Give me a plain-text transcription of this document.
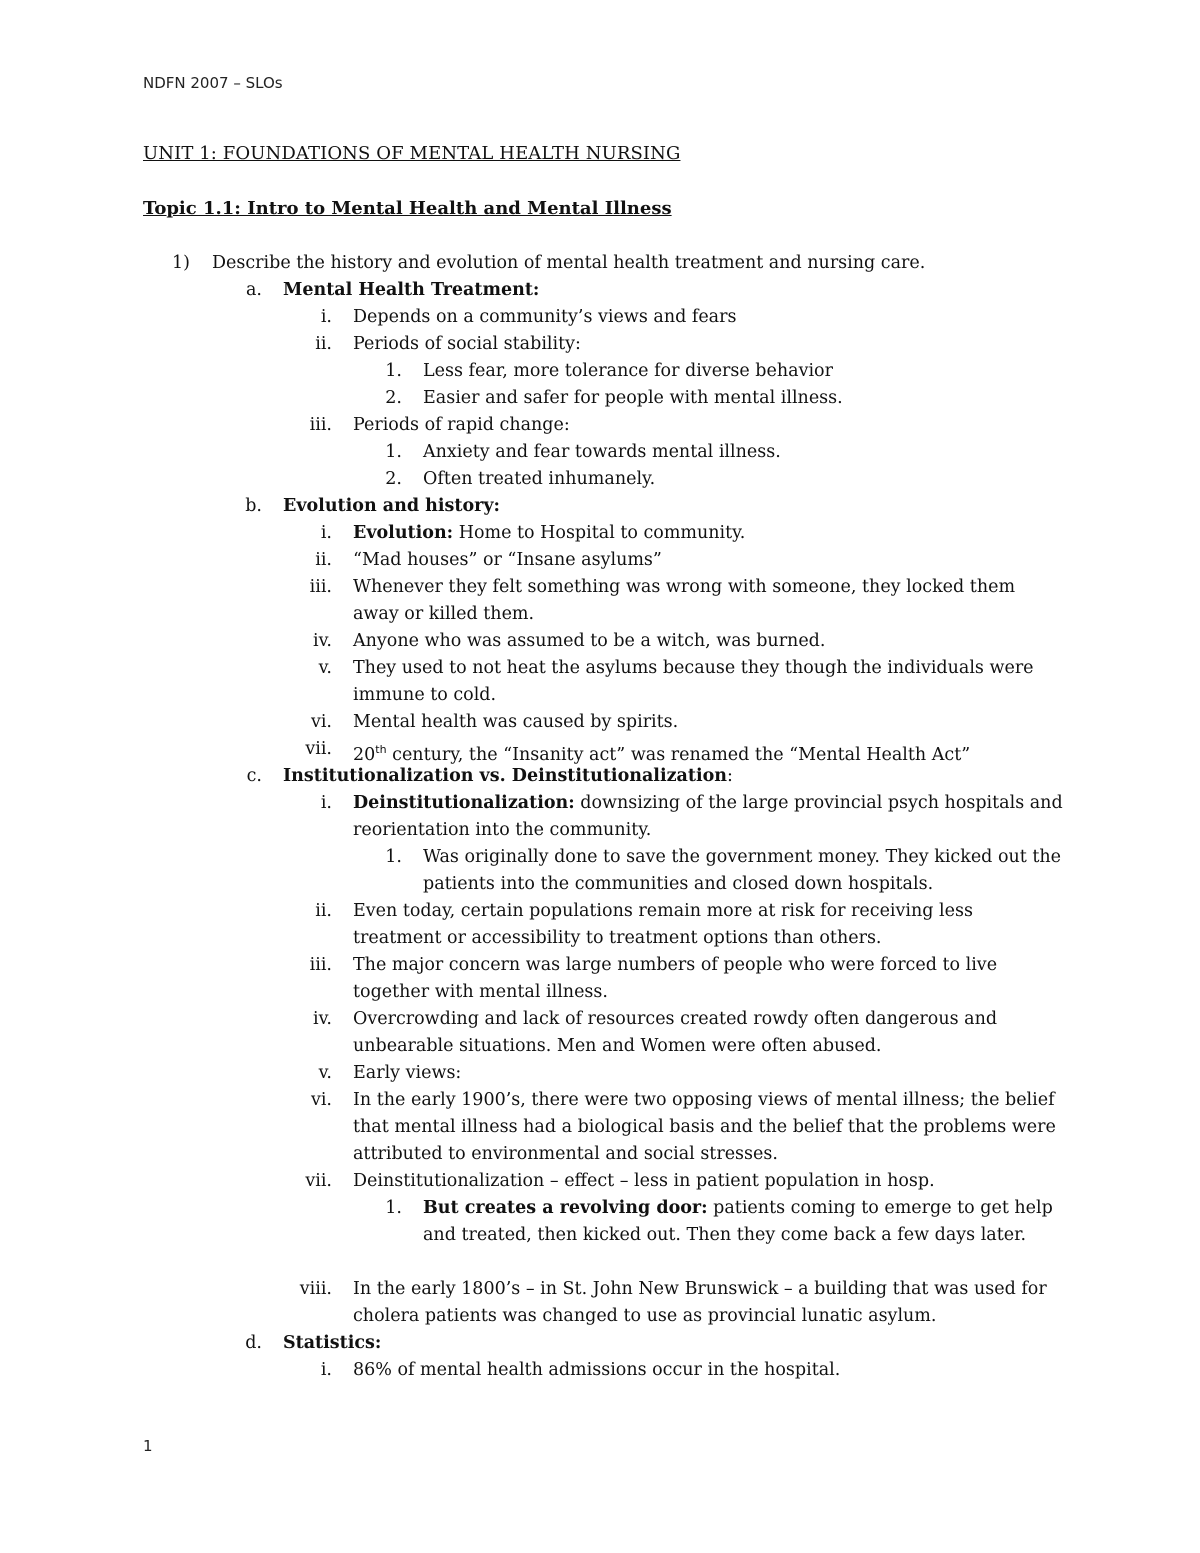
NDFN 2007 – SLOs

UNIT 1: FOUNDATIONS OF MENTAL HEALTH NURSING
Topic 1.1: Intro to Mental Health and Mental Illness
1) Describe the history and evolution of mental health treatment and nursing care.
a. Mental Health Treatment:
i. Depends on a community’s views and fears
ii. Periods of social stability:
1. Less fear, more tolerance for diverse behavior
2. Easier and safer for people with mental illness.
iii. Periods of rapid change:
1. Anxiety and fear towards mental illness.
2. Often treated inhumanely.
b. Evolution and history:
i. Evolution: Home to Hospital to community.
ii. “Mad houses” or “Insane asylums”
iii. Whenever they felt something was wrong with someone, they locked them away or killed them.
iv. Anyone who was assumed to be a witch, was burned.
v. They used to not heat the asylums because they though the individuals were immune to cold.
vi. Mental health was caused by spirits.
vii. 20th century, the “Insanity act” was renamed the “Mental Health Act”
c. Institutionalization vs. Deinstitutionalization:
i. Deinstitutionalization: downsizing of the large provincial psych hospitals and reorientation into the community.
1. Was originally done to save the government money. They kicked out the patients into the communities and closed down hospitals.
ii. Even today, certain populations remain more at risk for receiving less treatment or accessibility to treatment options than others.
iii. The major concern was large numbers of people who were forced to live together with mental illness.
iv. Overcrowding and lack of resources created rowdy often dangerous and unbearable situations. Men and Women were often abused.
v. Early views:
vi. In the early 1900’s, there were two opposing views of mental illness; the belief that mental illness had a biological basis and the belief that the problems were attributed to environmental and social stresses.
vii. Deinstitutionalization – effect – less in patient population in hosp.
1. But creates a revolving door: patients coming to emerge to get help and treated, then kicked out. Then they come back a few days later.
viii. In the early 1800’s – in St. John New Brunswick – a building that was used for cholera patients was changed to use as provincial lunatic asylum.
d. Statistics:
i. 86% of mental health admissions occur in the hospital.

1
